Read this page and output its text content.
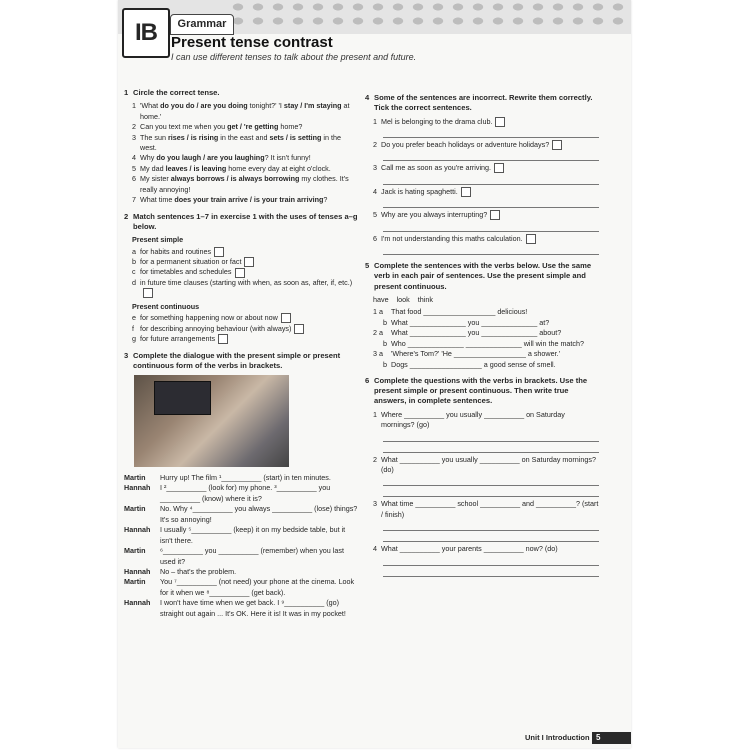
IB	Grammar
Present tense contrast
I can use different tenses to talk about the present and future.
1 Circle the correct tense.
1 'What do you do / are you doing tonight?' 'I stay / I'm staying at home.'
2 Can you text me when you get / 're getting home?
3 The sun rises / is rising in the east and sets / is setting in the west.
4 Why do you laugh / are you laughing? It isn't funny!
5 My dad leaves / is leaving home every day at eight o'clock.
6 My sister always borrows / is always borrowing my clothes. It's really annoying!
7 What time does your train arrive / is your train arriving?
2 Match sentences 1–7 in exercise 1 with the uses of tenses a–g below.
Present simple
a for habits and routines
b for a permanent situation or fact
c for timetables and schedules
d in future time clauses (starting with when, as soon as, after, if, etc.)
Present continuous
e for something happening now or about now
f for describing annoying behaviour (with always)
g for future arrangements
3 Complete the dialogue with the present simple or present continuous form of the verbs in brackets.
Martin	Hurry up! The film ¹__________ (start) in ten minutes.
Hannah	I ²__________ (look for) my phone. ³__________ you __________ (know) where it is?
Martin	No. Why ⁴__________ you always __________ (lose) things? It's so annoying!
Hannah	I usually ⁵__________ (keep) it on my bedside table, but it isn't there.
Martin	⁶__________ you __________ (remember) when you last used it?
Hannah	No – that's the problem.
Martin	You ⁷__________ (not need) your phone at the cinema. Look for it when we ⁸__________ (get back).
Hannah	I won't have time when we get back. I ⁹__________ (go) straight out again ... It's OK. Here it is! It was in my pocket!
4 Some of the sentences are incorrect. Rewrite them correctly. Tick the correct sentences.
1 Mel is belonging to the drama club.
2 Do you prefer beach holidays or adventure holidays?
3 Call me as soon as you're arriving.
4 Jack is hating spaghetti.
5 Why are you always interrupting?
6 I'm not understanding this maths calculation.
5 Complete the sentences with the verbs below. Use the same verb in each pair of sentences. Use the present simple and present continuous.
have    look    think
1 a	That food __________________ delicious!
b What ______________ you ______________ at?
2 a	What ______________ you ______________ about?
b Who ______________ ______________ will win the match?
3 a	'Where's Tom?' 'He __________________ a shower.'
b Dogs __________________ a good sense of smell.
6 Complete the questions with the verbs in brackets. Use the present simple or present continuous. Then write true answers, in complete sentences.
1 Where __________ you usually __________ on Saturday mornings? (go)
2 What __________ you usually __________ on Saturday mornings? (do)
3 What time __________ school __________ and __________? (start / finish)
4 What __________ your parents __________ now? (do)
Unit I Introduction 5
